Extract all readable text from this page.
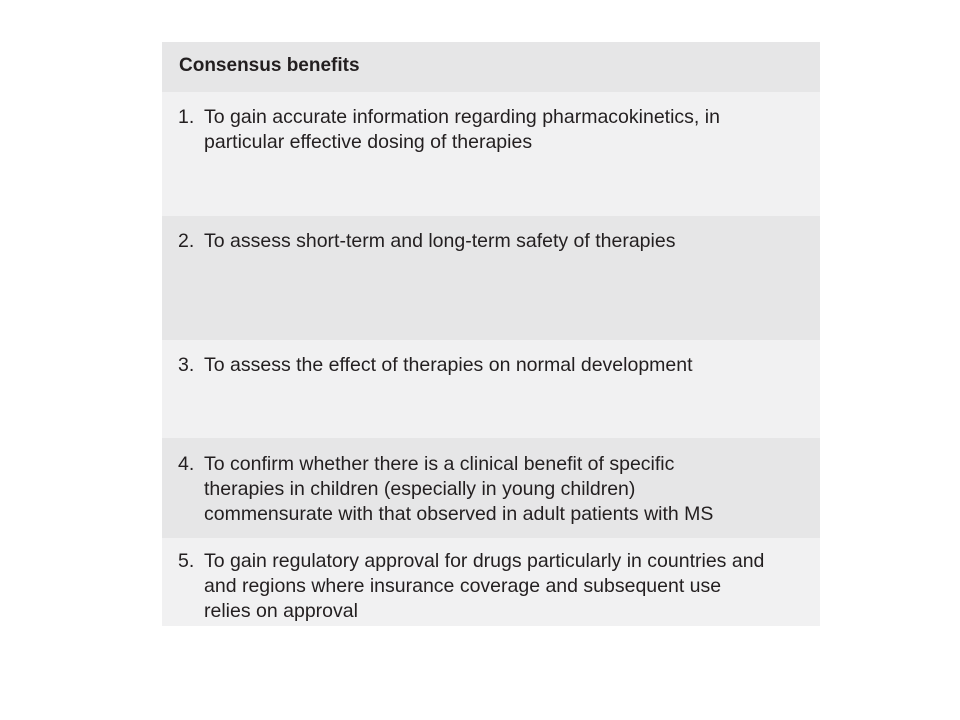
Consensus benefits
1. To gain accurate information regarding pharmacokinetics, in
particular effective dosing of therapies
2. To assess short-term and long-term safety of therapies
3. To assess the effect of therapies on normal development
4. To confirm whether there is a clinical benefit of specific
therapies in children (especially in young children)
commensurate with that observed in adult patients with MS
5. To gain regulatory approval for drugs particularly in countries and
and regions where insurance coverage and subsequent use
relies on approval
